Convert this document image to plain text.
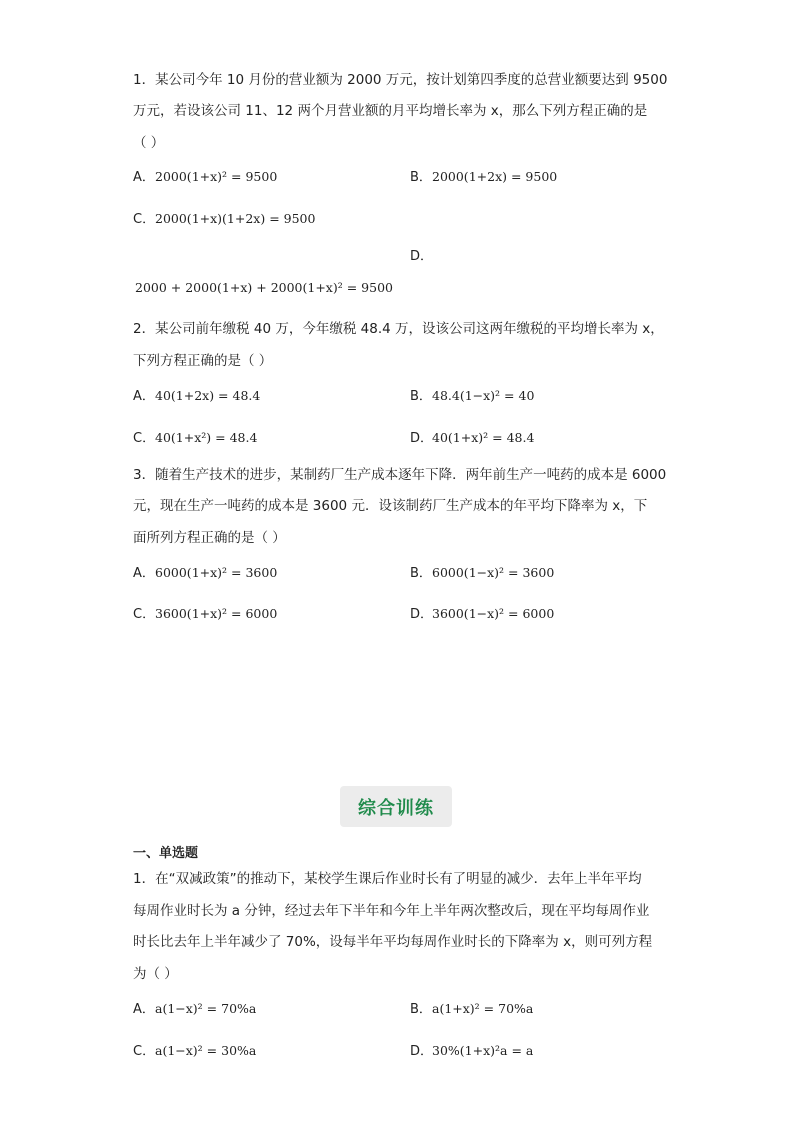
1．某公司今年 10 月份的营业额为 2000 万元，按计划第四季度的总营业额要达到 9500
万元，若设该公司 11、12 两个月营业额的月平均增长率为 x，那么下列方程正确的是
（ ）
A．2000(1+x)² = 9500	B．2000(1+2x) = 9500
C．2000(1+x)(1+2x) = 9500
D．
2000 + 2000(1+x) + 2000(1+x)² = 9500
2．某公司前年缴税 40 万，今年缴税 48.4 万，设该公司这两年缴税的平均增长率为 x，
下列方程正确的是（ ）
A．40(1+2x) = 48.4	B．48.4(1−x)² = 40
C．40(1+x²) = 48.4	D．40(1+x)² = 48.4
3．随着生产技术的进步，某制药厂生产成本逐年下降．两年前生产一吨药的成本是 6000
元，现在生产一吨药的成本是 3600 元．设该制药厂生产成本的年平均下降率为 x，下
面所列方程正确的是（ ）
A．6000(1+x)² = 3600	B．6000(1−x)² = 3600
C．3600(1+x)² = 6000	D．3600(1−x)² = 6000
综合训练
一、单选题
1．在“双减政策”的推动下，某校学生课后作业时长有了明显的减少．去年上半年平均
每周作业时长为 a 分钟，经过去年下半年和今年上半年两次整改后，现在平均每周作业
时长比去年上半年减少了 70%，设每半年平均每周作业时长的下降率为 x，则可列方程
为（ ）
A．a(1−x)² = 70%a	B．a(1+x)² = 70%a
C．a(1−x)² = 30%a	D．30%(1+x)²a = a
